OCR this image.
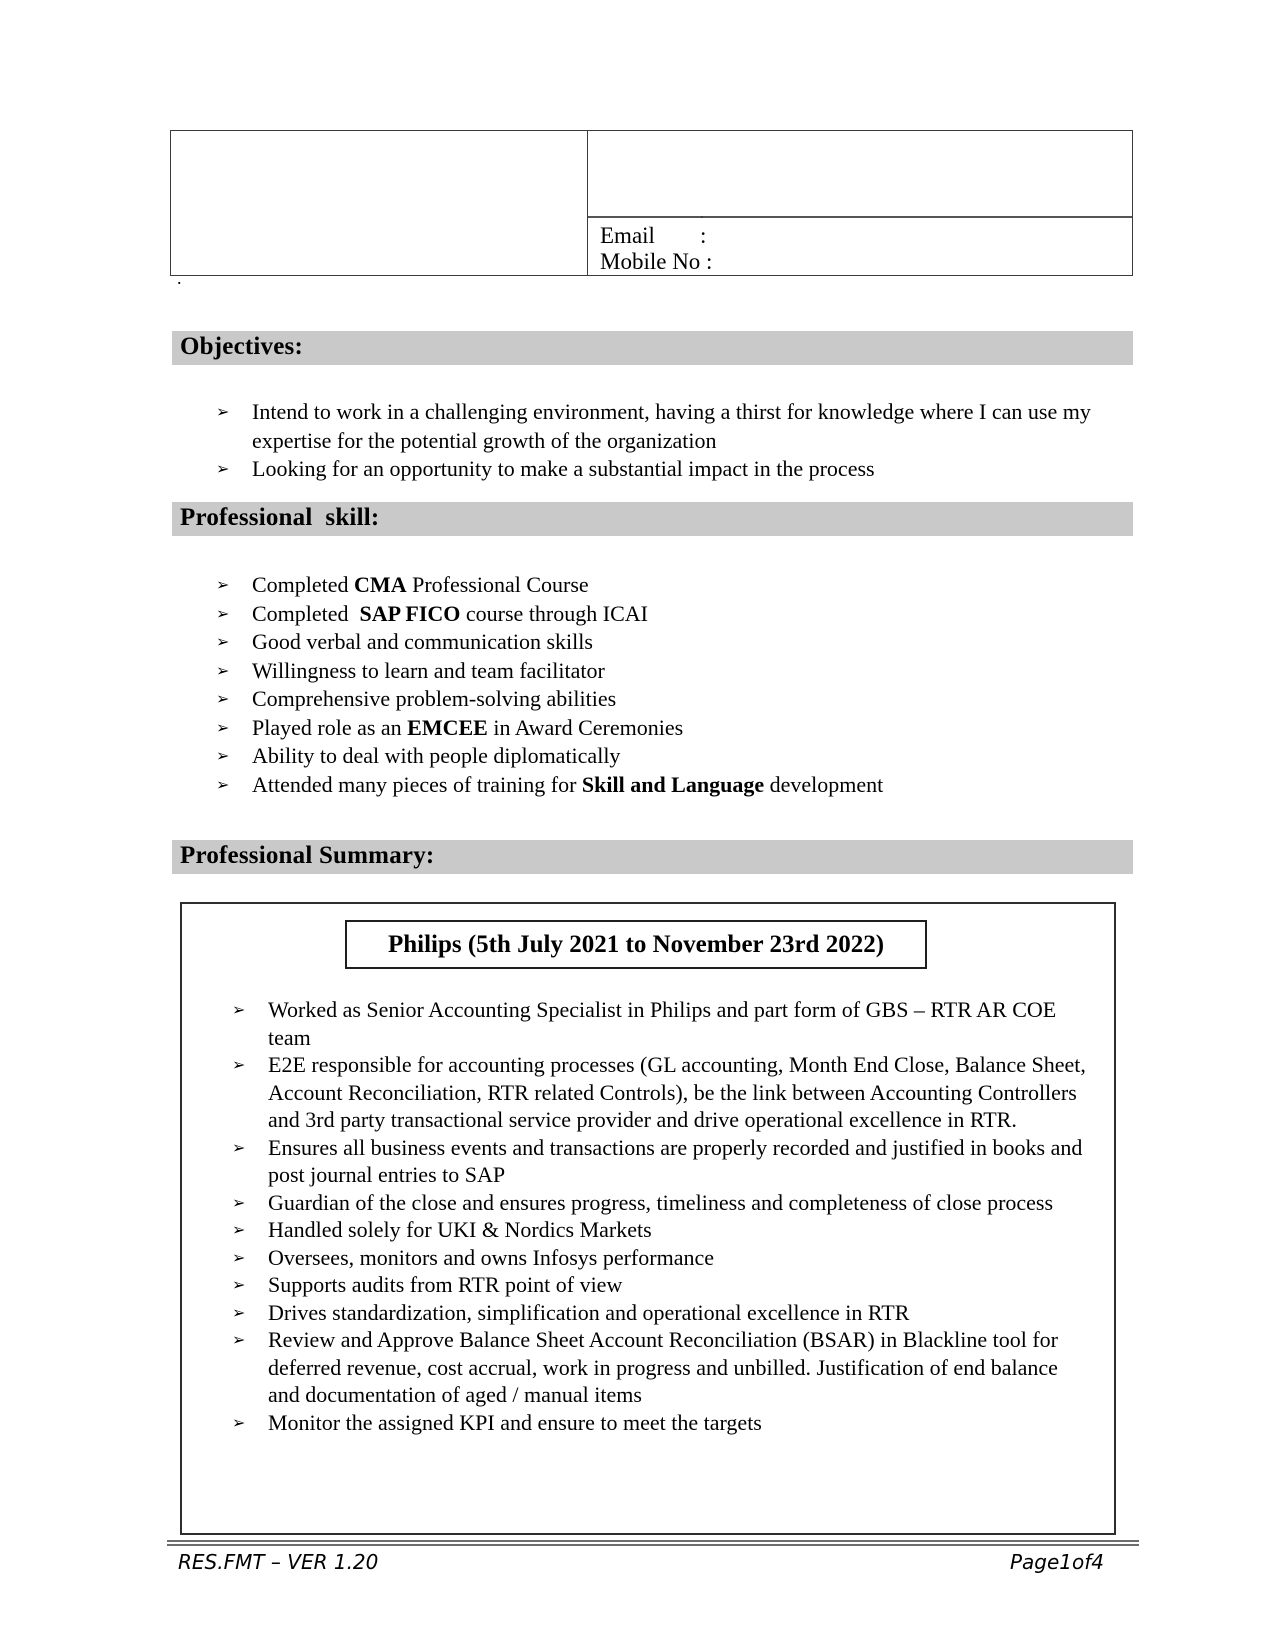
.
Email :
Mobile No :
.
Objectives:
➢	Intend to work in a challenging environment, having a thirst for knowledge where I can use my expertise for the potential growth of the organization
➢	Looking for an opportunity to make a substantial impact in the process
Professional  skill:
➢	Completed CMA Professional Course
➢	Completed  SAP FICO course through ICAI
➢	Good verbal and communication skills
➢	Willingness to learn and team facilitator
➢	Comprehensive problem-solving abilities
➢	Played role as an EMCEE in Award Ceremonies
➢	Ability to deal with people diplomatically
➢	Attended many pieces of training for Skill and Language development
Professional Summary:
Philips (5th July 2021 to November 23rd 2022)
➢	Worked as Senior Accounting Specialist in Philips and part form of GBS – RTR AR COE team
➢	E2E responsible for accounting processes (GL accounting, Month End Close, Balance Sheet, Account Reconciliation, RTR related Controls), be the link between Accounting Controllers and 3rd party transactional service provider and drive operational excellence in RTR.
➢	Ensures all business events and transactions are properly recorded and justified in books and post journal entries to SAP
➢	Guardian of the close and ensures progress, timeliness and completeness of close process
➢	Handled solely for UKI & Nordics Markets
➢	Oversees, monitors and owns Infosys performance
➢	Supports audits from RTR point of view
➢	Drives standardization, simplification and operational excellence in RTR
➢	Review and Approve Balance Sheet Account Reconciliation (BSAR) in Blackline tool for deferred revenue, cost accrual, work in progress and unbilled. Justification of end balance and documentation of aged / manual items
➢	Monitor the assigned KPI and ensure to meet the targets
RES.FMT – VER 1.20	Page1of4
